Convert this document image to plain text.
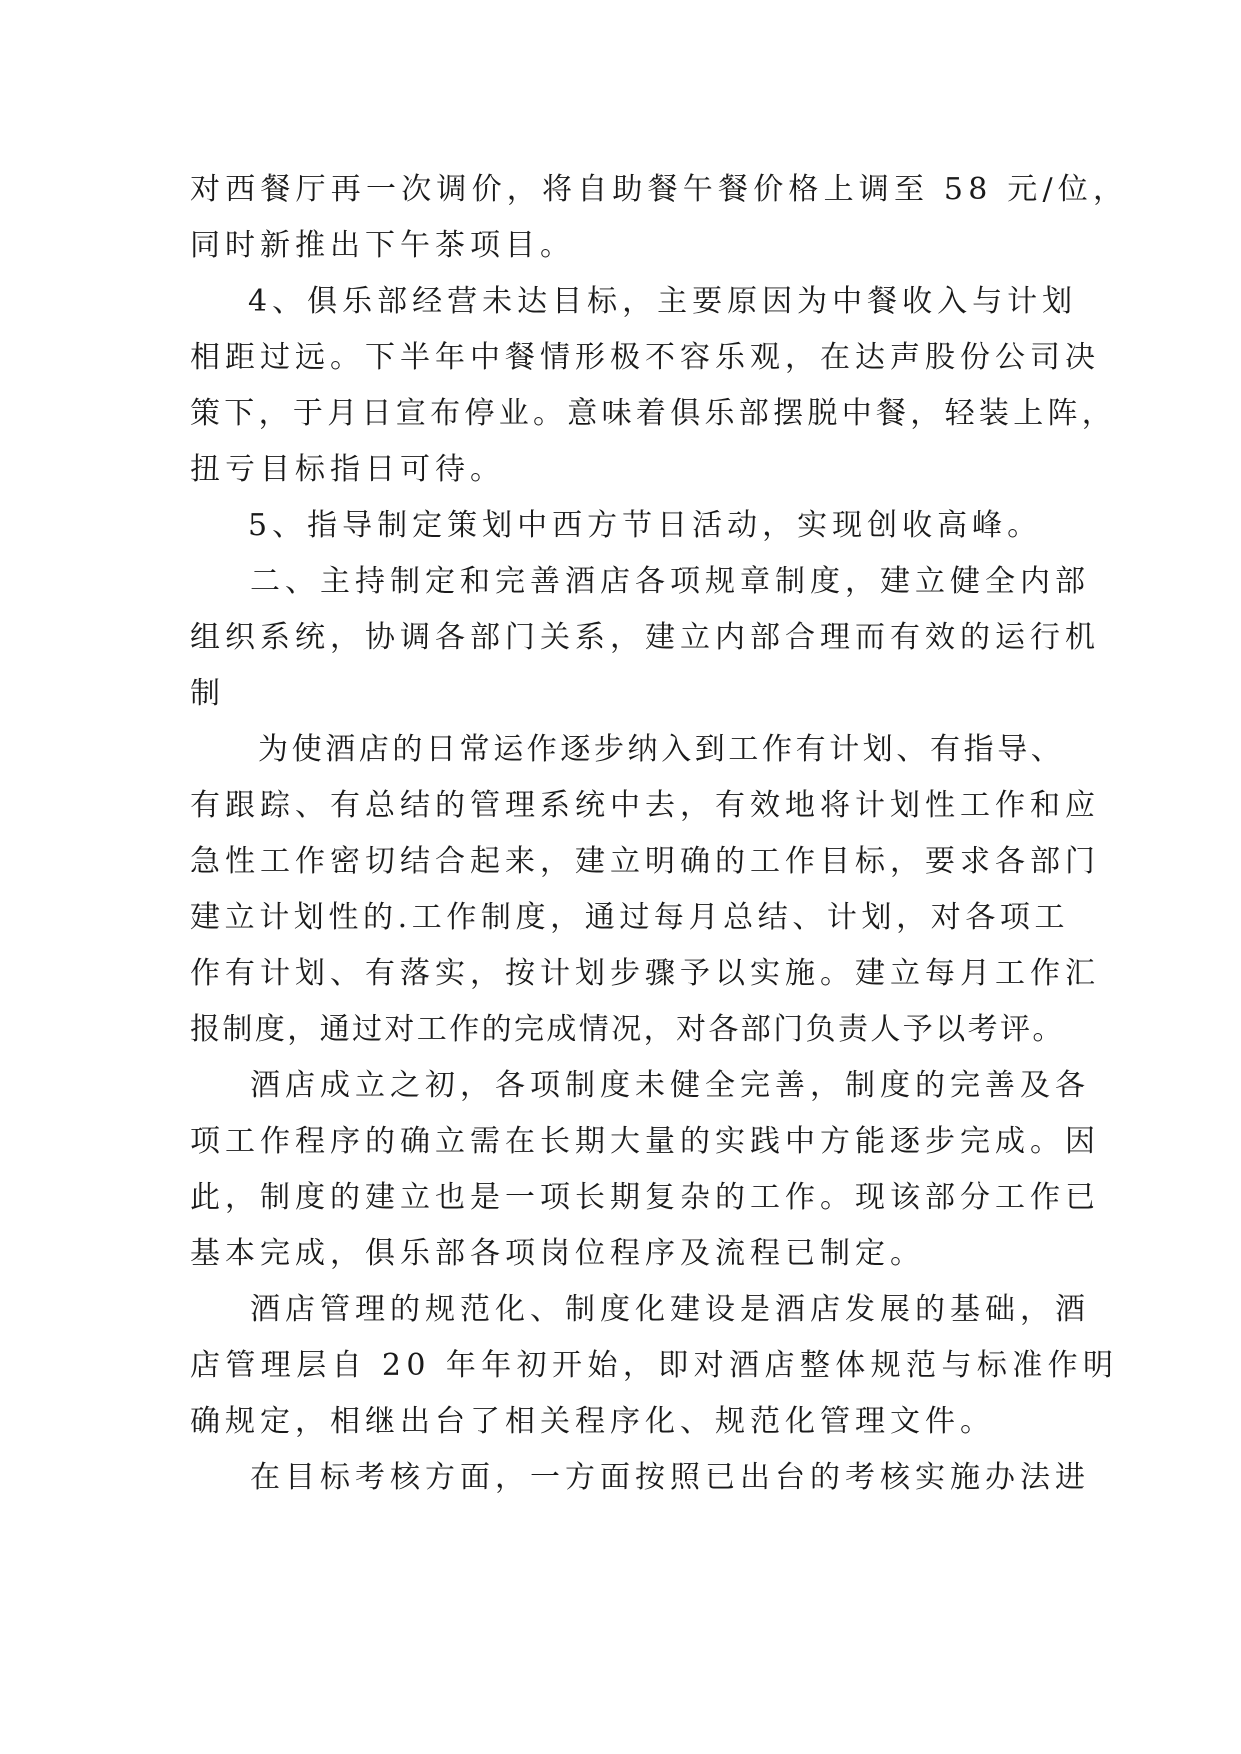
对西餐厅再一次调价，将自助餐午餐价格上调至 58 元/位，
同时新推出下午茶项目。
4、俱乐部经营未达目标，主要原因为中餐收入与计划
相距过远。下半年中餐情形极不容乐观，在达声股份公司决
策下，于月日宣布停业。意味着俱乐部摆脱中餐，轻装上阵，
扭亏目标指日可待。
5、指导制定策划中西方节日活动，实现创收高峰。
二、主持制定和完善酒店各项规章制度，建立健全内部
组织系统，协调各部门关系，建立内部合理而有效的运行机
制
为使酒店的日常运作逐步纳入到工作有计划、有指导、
有跟踪、有总结的管理系统中去，有效地将计划性工作和应
急性工作密切结合起来，建立明确的工作目标，要求各部门
建立计划性的.工作制度，通过每月总结、计划，对各项工
作有计划、有落实，按计划步骤予以实施。建立每月工作汇
报制度，通过对工作的完成情况，对各部门负责人予以考评。
酒店成立之初，各项制度未健全完善，制度的完善及各
项工作程序的确立需在长期大量的实践中方能逐步完成。因
此，制度的建立也是一项长期复杂的工作。现该部分工作已
基本完成，俱乐部各项岗位程序及流程已制定。
酒店管理的规范化、制度化建设是酒店发展的基础，酒
店管理层自 20 年年初开始，即对酒店整体规范与标准作明
确规定，相继出台了相关程序化、规范化管理文件。
在目标考核方面，一方面按照已出台的考核实施办法进
